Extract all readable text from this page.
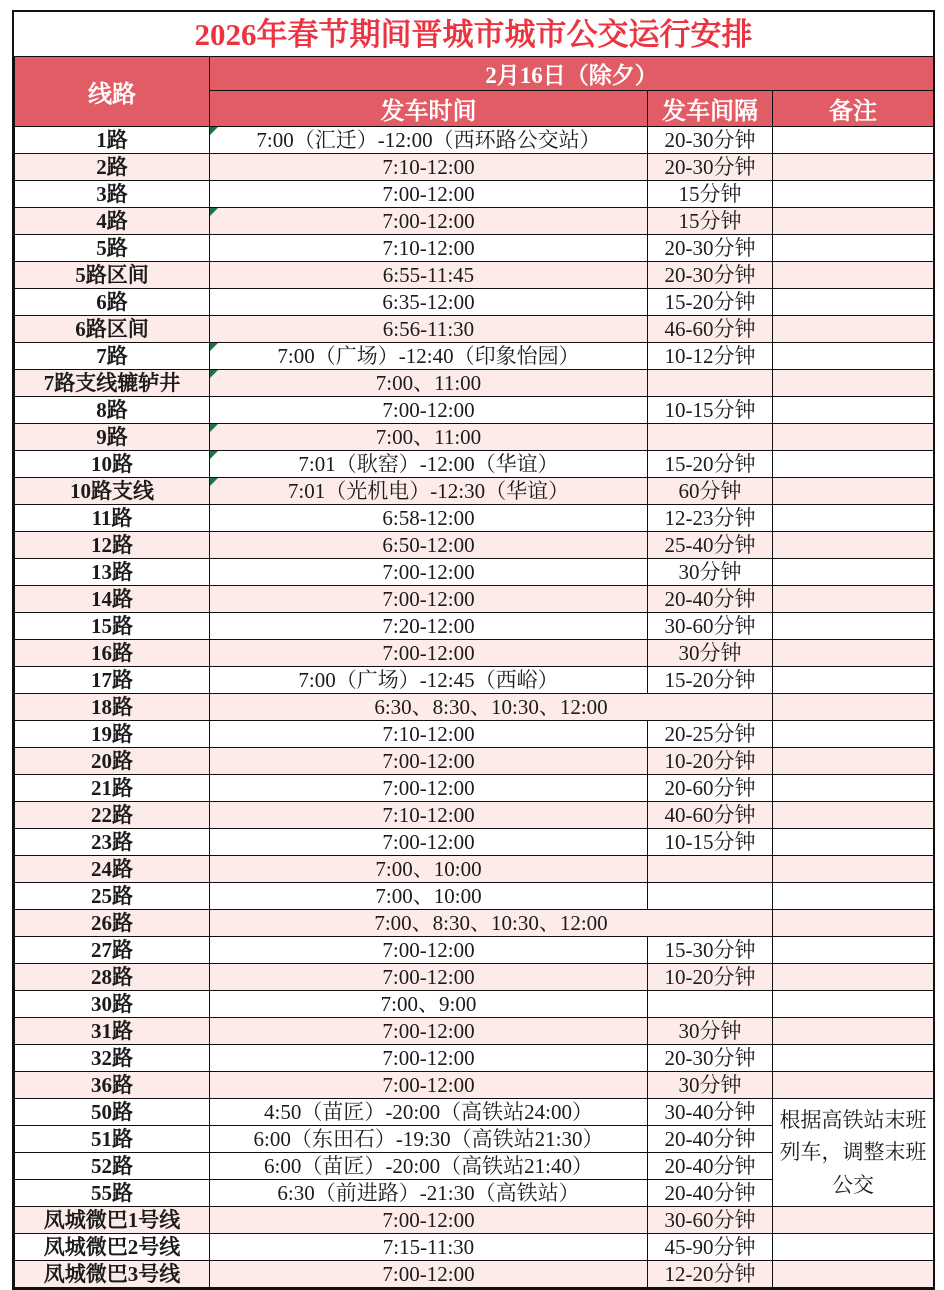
2026年春节期间晋城市城市公交运行安排
线路	2月16日（除夕）		
	发车时间	发车间隔	备注
1路	7:00（汇迁）-12:00（西环路公交站）	20-30分钟	
2路	7:10-12:00	20-30分钟	
3路	7:00-12:00	15分钟	
4路	7:00-12:00	15分钟	
5路	7:10-12:00	20-30分钟	
5路区间	6:55-11:45	20-30分钟	
6路	6:35-12:00	15-20分钟	
6路区间	6:56-11:30	46-60分钟	
7路	7:00（广场）-12:40（印象怡园）	10-12分钟	
7路支线辘轳井	7:00、11:00		
8路	7:00-12:00	10-15分钟	
9路	7:00、11:00		
10路	7:01（耿窑）-12:00（华谊）	15-20分钟	
10路支线	7:01（光机电）-12:30（华谊）	60分钟	
11路	6:58-12:00	12-23分钟	
12路	6:50-12:00	25-40分钟	
13路	7:00-12:00	30分钟	
14路	7:00-12:00	20-40分钟	
15路	7:20-12:00	30-60分钟	
16路	7:00-12:00	30分钟	
17路	7:00（广场）-12:45（西峪）	15-20分钟	
18路	6:30、8:30、10:30、12:00		
19路	7:10-12:00	20-25分钟	
20路	7:00-12:00	10-20分钟	
21路	7:00-12:00	20-60分钟	
22路	7:10-12:00	40-60分钟	
23路	7:00-12:00	10-15分钟	
24路	7:00、10:00		
25路	7:00、10:00		
26路	7:00、8:30、10:30、12:00		
27路	7:00-12:00	15-30分钟	
28路	7:00-12:00	10-20分钟	
30路	7:00、9:00		
31路	7:00-12:00	30分钟	
32路	7:00-12:00	20-30分钟	
36路	7:00-12:00	30分钟	
50路	4:50（苗匠）-20:00（高铁站24:00）	30-40分钟	根据高铁站末班列车，调整末班公交
51路	6:00（东田石）-19:30（高铁站21:30）	20-40分钟	
52路	6:00（苗匠）-20:00（高铁站21:40）	20-40分钟	
55路	6:30（前进路）-21:30（高铁站）	20-40分钟	
凤城微巴1号线	7:00-12:00	30-60分钟	
凤城微巴2号线	7:15-11:30	45-90分钟	
凤城微巴3号线	7:00-12:00	12-20分钟	
